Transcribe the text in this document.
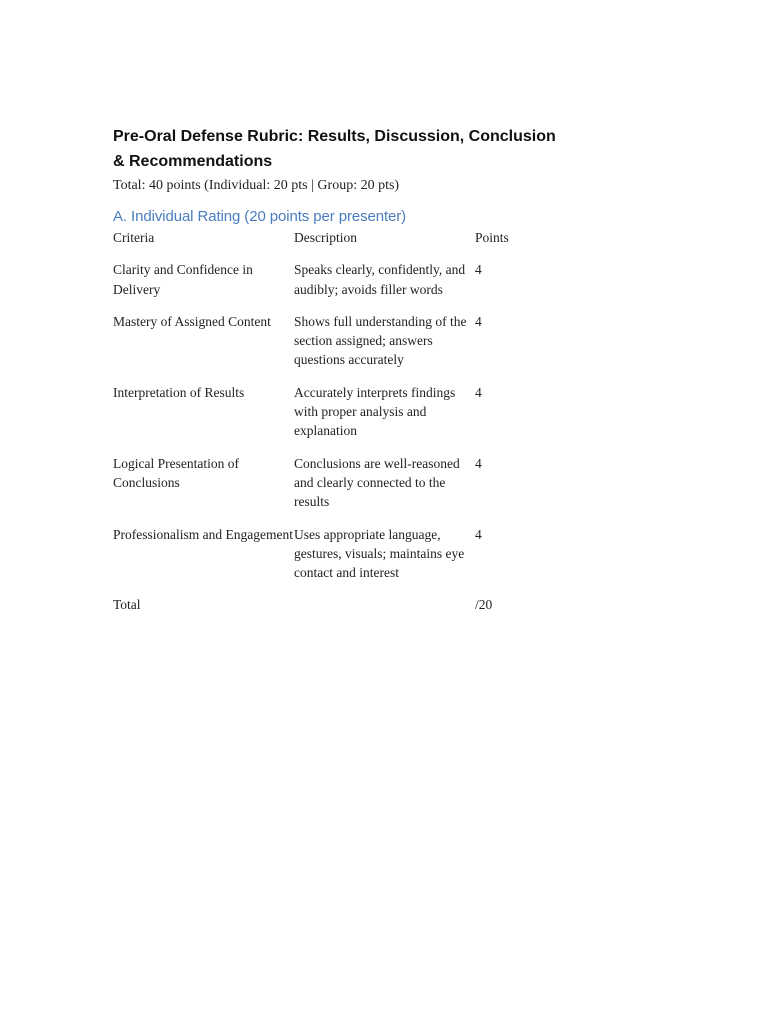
Pre-Oral Defense Rubric: Results, Discussion, Conclusion & Recommendations

Total: 40 points (Individual: 20 pts | Group: 20 pts)

A. Individual Rating (20 points per presenter)
Criteria	Description	Points
Clarity and Confidence in Delivery	Speaks clearly, confidently, and audibly; avoids filler words	4
Mastery of Assigned Content	Shows full understanding of the section assigned; answers questions accurately	4
Interpretation of Results	Accurately interprets findings with proper analysis and explanation	4
Logical Presentation of Conclusions	Conclusions are well-reasoned and clearly connected to the results	4
Professionalism and Engagement	Uses appropriate language, gestures, visuals; maintains eye contact and interest	4
Total		/20
